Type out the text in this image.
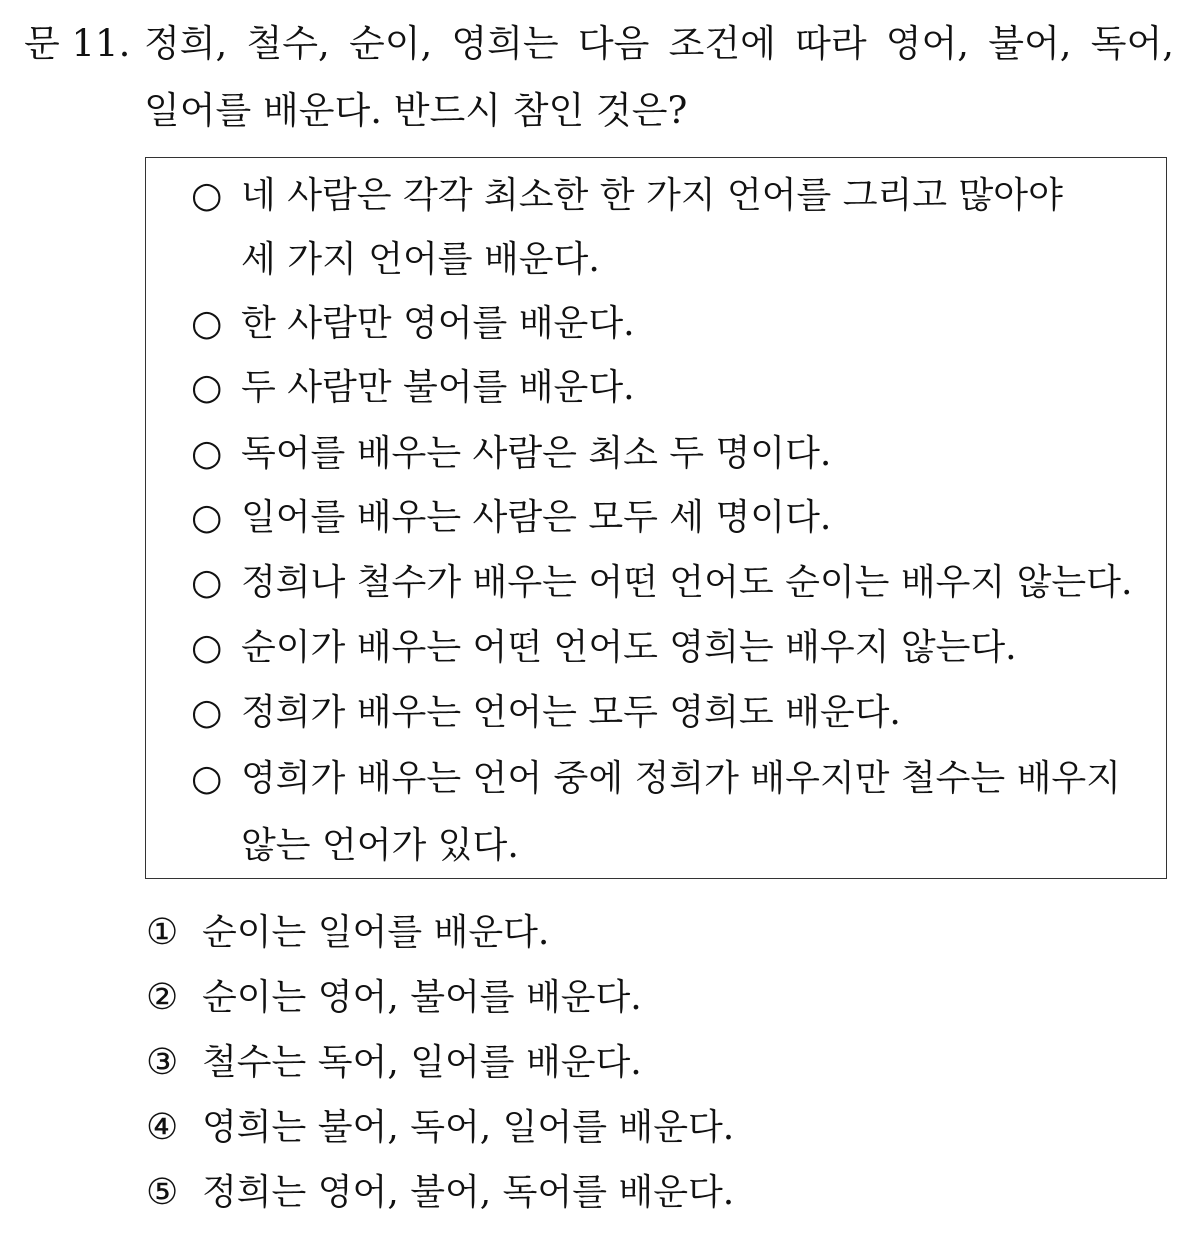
문 11. 정희, 철수, 순이, 영희는 다음 조건에 따라 영어, 불어, 독어,
일어를 배운다. 반드시 참인 것은?
○ 네 사람은 각각 최소한 한 가지 언어를 그리고 많아야
세 가지 언어를 배운다.
○ 한 사람만 영어를 배운다.
○ 두 사람만 불어를 배운다.
○ 독어를 배우는 사람은 최소 두 명이다.
○ 일어를 배우는 사람은 모두 세 명이다.
○ 정희나 철수가 배우는 어떤 언어도 순이는 배우지 않는다.
○ 순이가 배우는 어떤 언어도 영희는 배우지 않는다.
○ 정희가 배우는 언어는 모두 영희도 배운다.
○ 영희가 배우는 언어 중에 정희가 배우지만 철수는 배우지
않는 언어가 있다.
① 순이는 일어를 배운다.
② 순이는 영어, 불어를 배운다.
③ 철수는 독어, 일어를 배운다.
④ 영희는 불어, 독어, 일어를 배운다.
⑤ 정희는 영어, 불어, 독어를 배운다.
